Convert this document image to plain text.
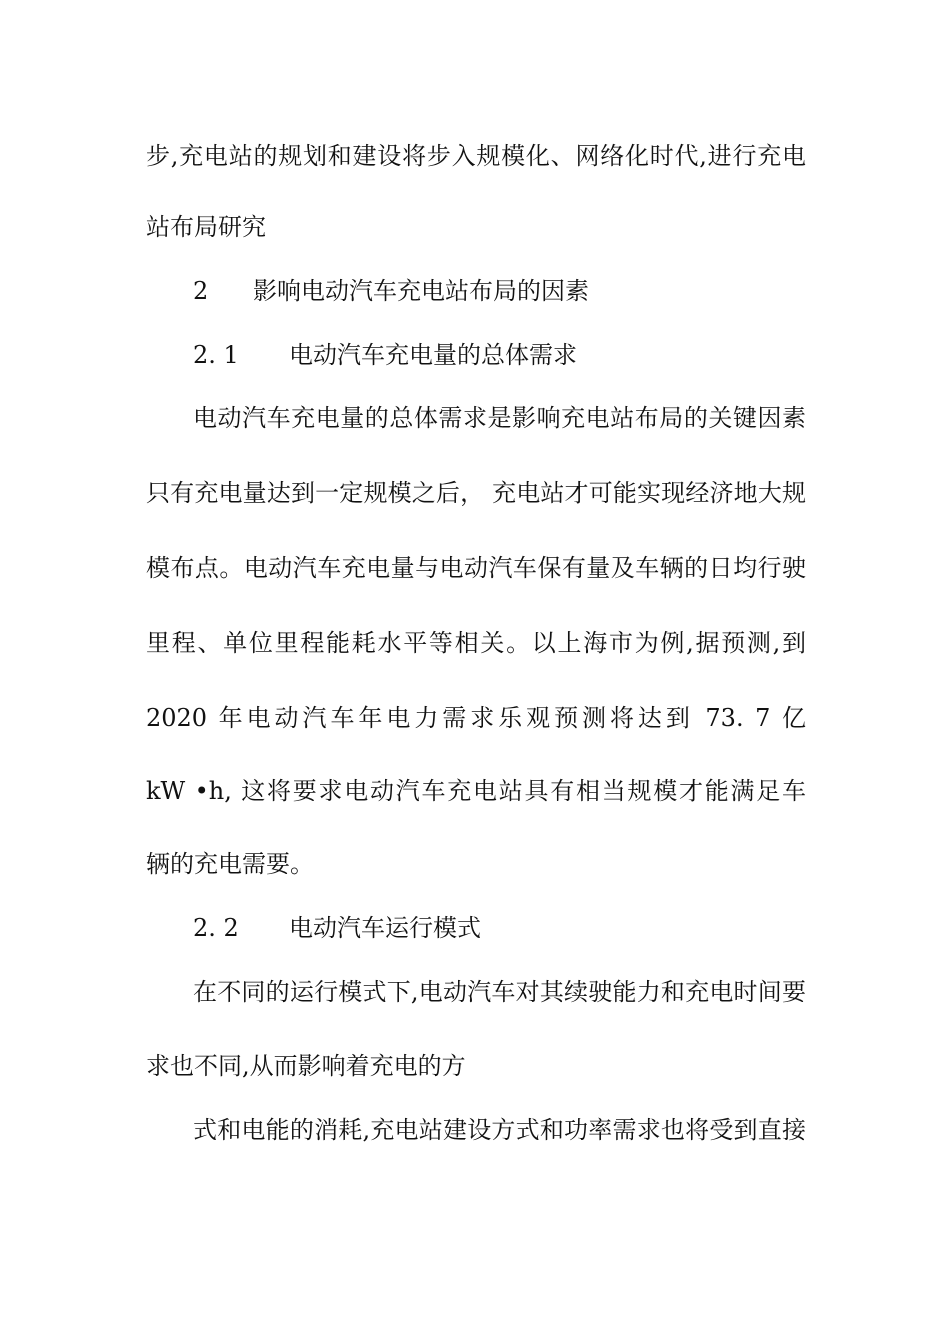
步,充电站的规划和建设将步入规模化、网络化时代,进行充电
站布局研究
2 影响电动汽车充电站布局的因素
2. 1 电动汽车充电量的总体需求
电动汽车充电量的总体需求是影响充电站布局的关键因素
只有充电量达到一定规模之后， 充电站才可能实现经济地大规
模布点。电动汽车充电量与电动汽车保有量及车辆的日均行驶
里程、单位里程能耗水平等相关。以上海市为例,据预测,到
2020 年电动汽车年电力需求乐观预测将达到 73. 7 亿
kW •h, 这将要求电动汽车充电站具有相当规模才能满足车
辆的充电需要。
2. 2 电动汽车运行模式
在不同的运行模式下,电动汽车对其续驶能力和充电时间要
求也不同,从而影响着充电的方
式和电能的消耗,充电站建设方式和功率需求也将受到直接
